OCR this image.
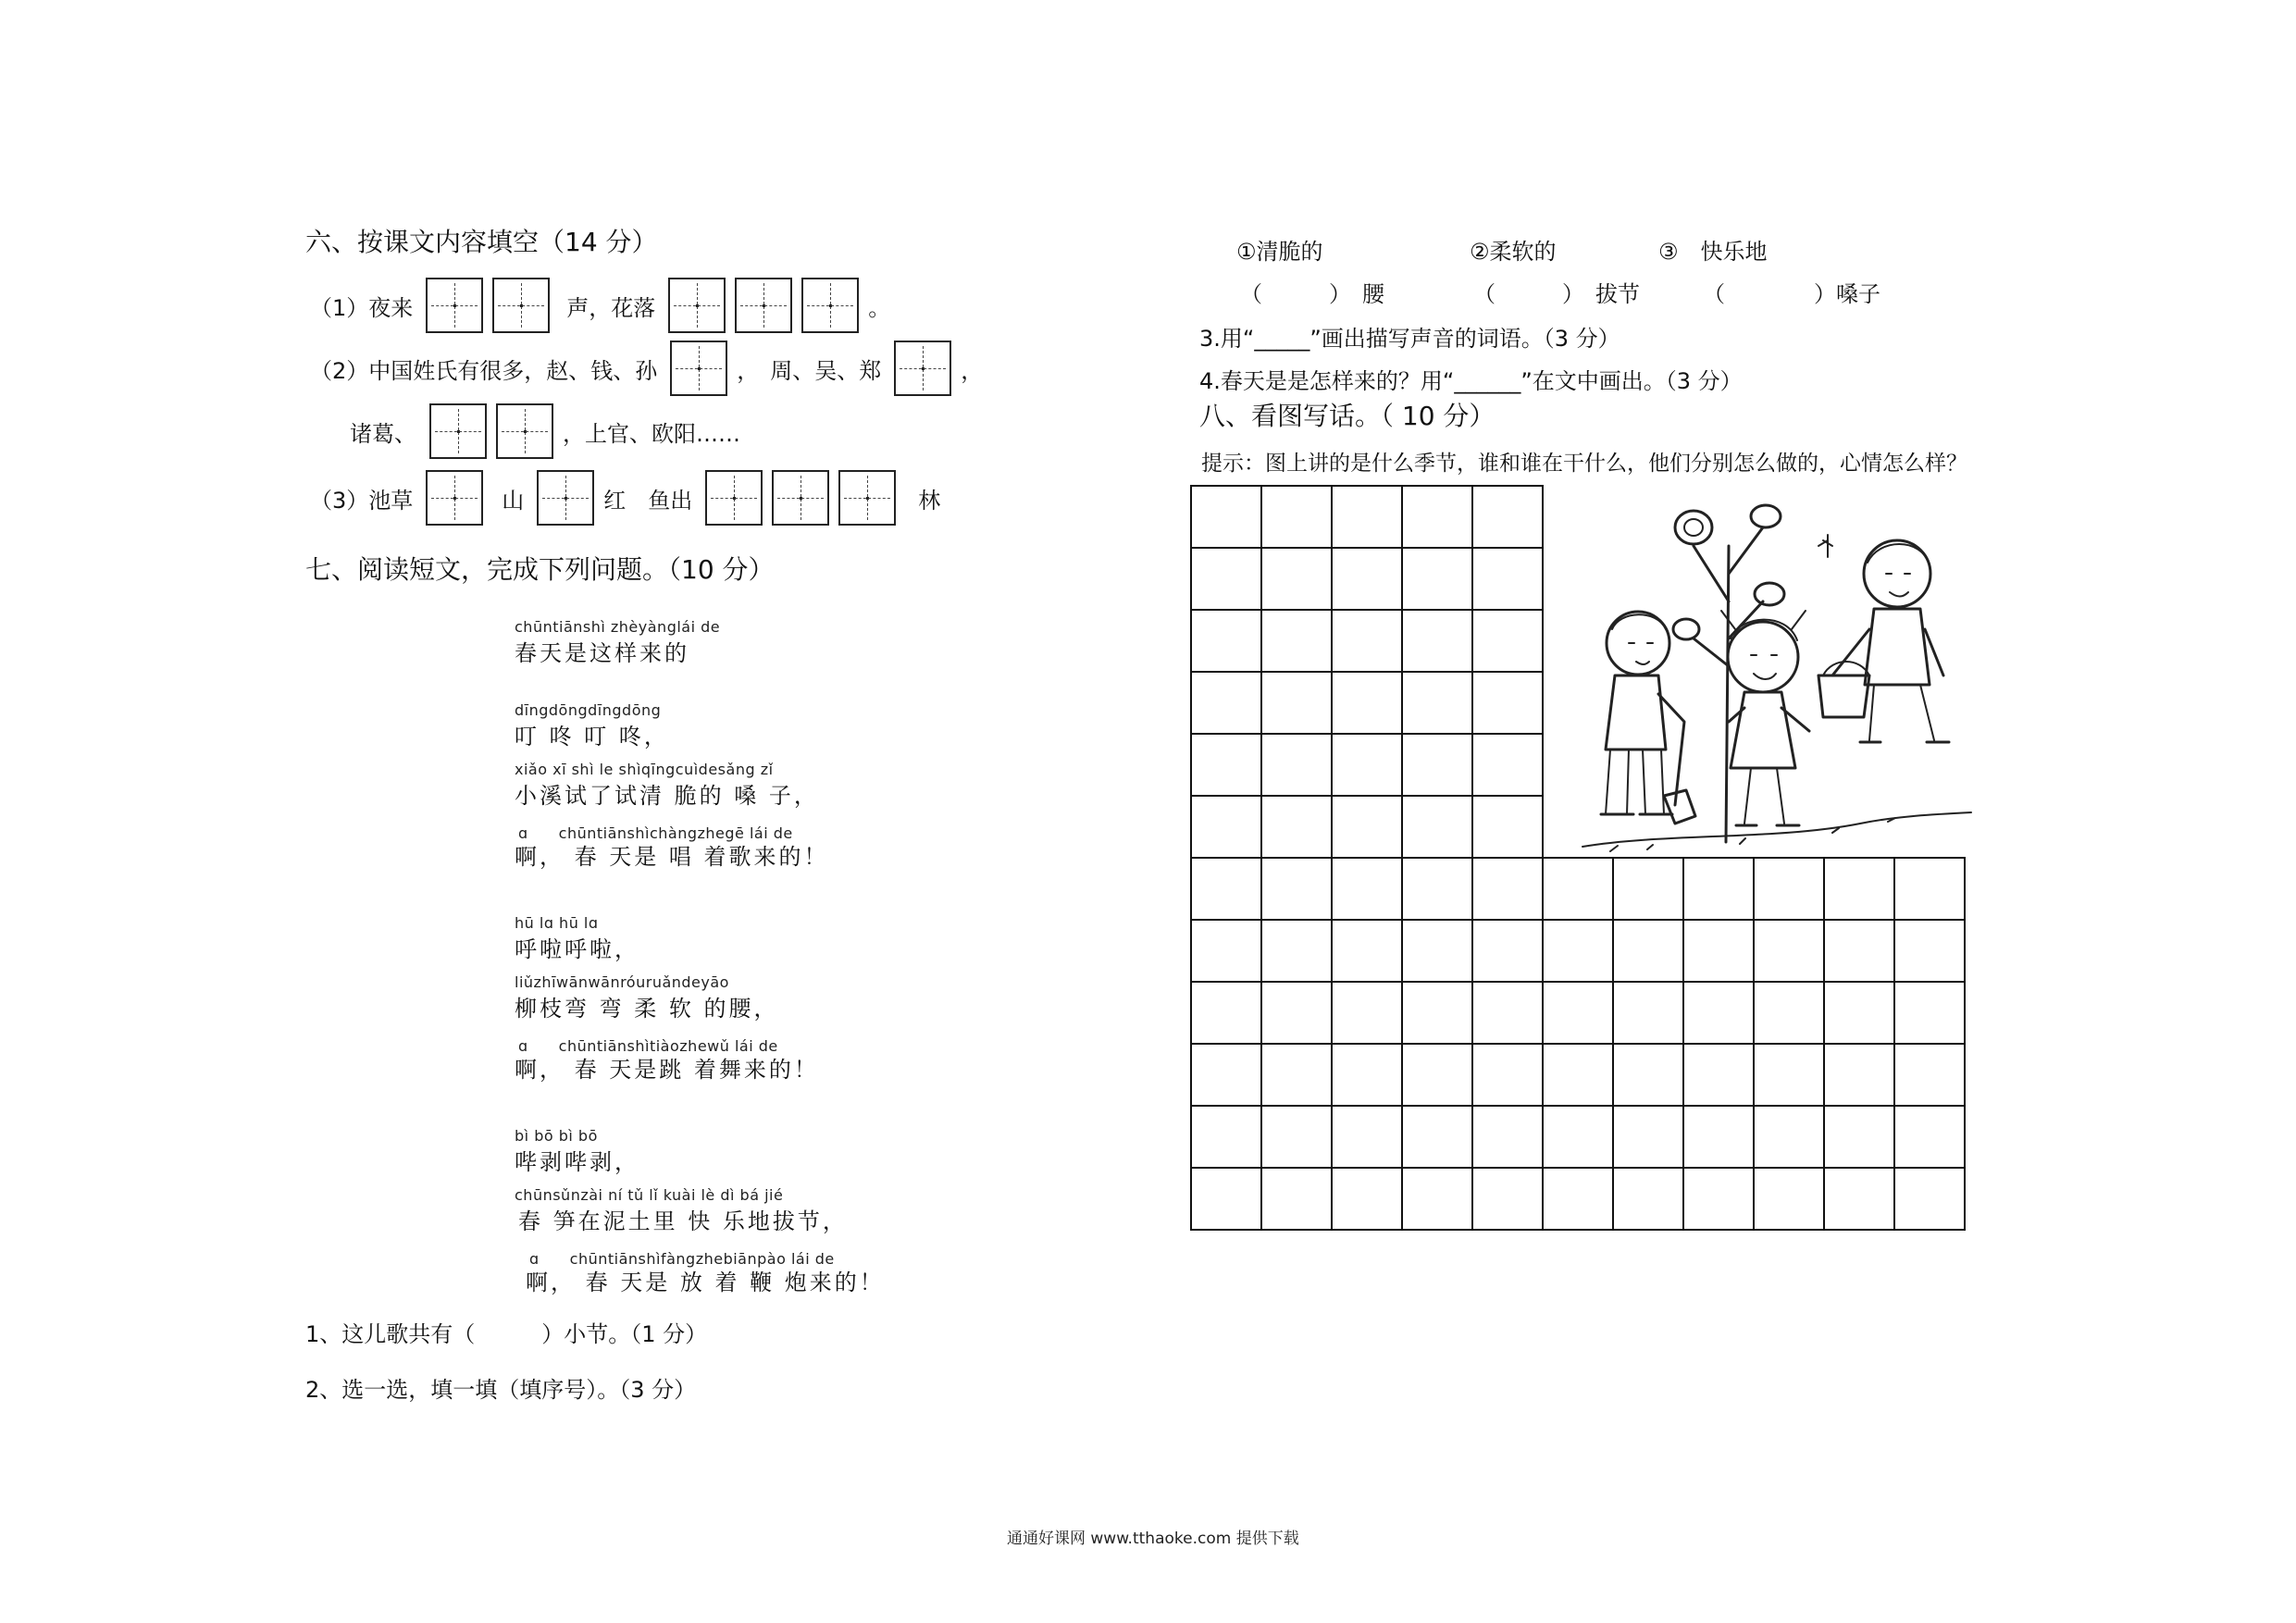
六、按课文内容填空（14 分）
（1）夜来	声，花落	。
（2）中国姓氏有很多，赵、钱、孙	，　周、吴、郑	，
诸葛、	，上官、欧阳……
（3）池草	山	红　鱼出	林
七、阅读短文，完成下列问题。（10 分）
chūntiānshì zhèyànglái de
春天是这样来的
dīngdōngdīngdōng
叮 咚 叮 咚，
xiǎo xī shì le shìqīngcuìdesǎng zǐ
小溪试了试清 脆的 嗓 子，
ɑ　　chūntiānshìchàngzhegē lái de
啊， 春 天是 唱 着歌来的！
hū lɑ hū lɑ
呼啦呼啦，
liǔzhīwānwānróuruǎndeyāo
柳枝弯 弯 柔 软 的腰，
ɑ　　chūntiānshìtiàozhewǔ lái de
啊， 春 天是跳 着舞来的！
bì bō bì bō
哔剥哔剥，
chūnsǔnzài ní tǔ lǐ kuài lè dì bá jié
春 笋在泥土里 快 乐地拔节，
ɑ　　chūntiānshìfàngzhebiānpào lái de
啊， 春 天是 放 着 鞭 炮来的！
1、这儿歌共有（　　　）小节。（1 分）
2、选一选，填一填（填序号）。（3 分）
①清脆的	②柔软的	③　快乐地
（　　　）　腰	（　　　）　拔节	（　　　　）嗓子
3.用“_____”画出描写声音的词语。（3 分）
4.春天是是怎样来的？用“______”在文中画出。（3 分）
八、看图写话。（ 10 分）
提示：图上讲的是什么季节，谁和谁在干什么，他们分别怎么做的，心情怎么样？
通通好课网 www.tthaoke.com 提供下载
